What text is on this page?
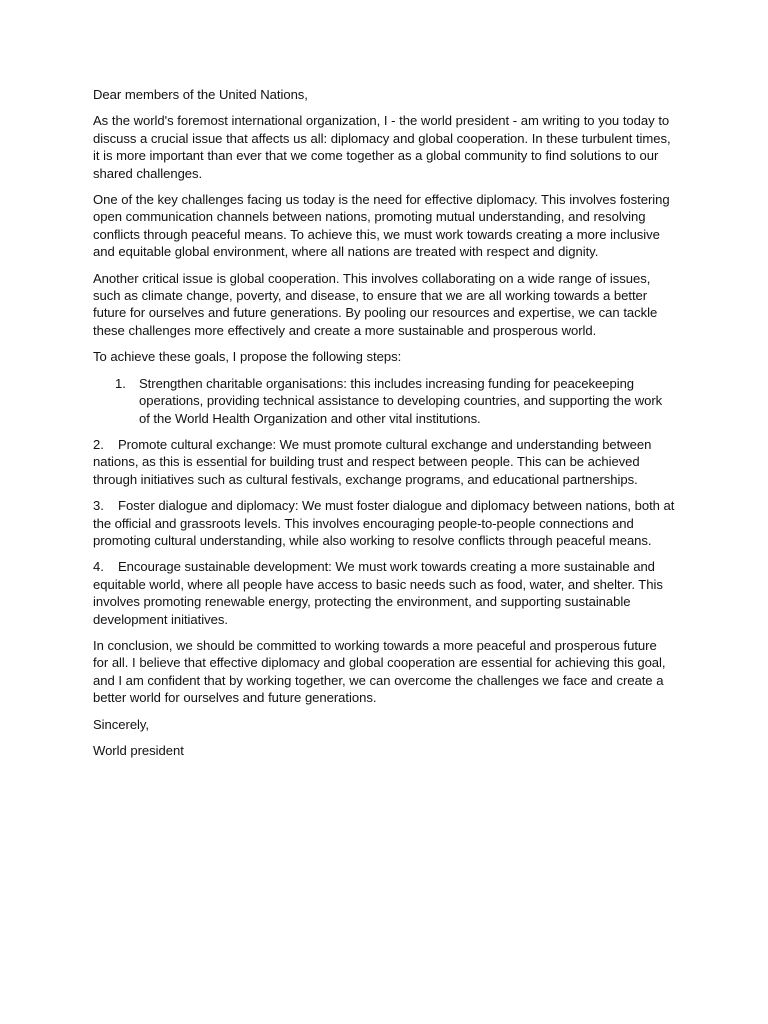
Dear members of the United Nations,

As the world's foremost international organization, I - the world president - am writing to you today to discuss a crucial issue that affects us all: diplomacy and global cooperation. In these turbulent times, it is more important than ever that we come together as a global community to find solutions to our shared challenges.

One of the key challenges facing us today is the need for effective diplomacy. This involves fostering open communication channels between nations, promoting mutual understanding, and resolving conflicts through peaceful means. To achieve this, we must work towards creating a more inclusive and equitable global environment, where all nations are treated with respect and dignity.

Another critical issue is global cooperation. This involves collaborating on a wide range of issues, such as climate change, poverty, and disease, to ensure that we are all working towards a better future for ourselves and future generations. By pooling our resources and expertise, we can tackle these challenges more effectively and create a more sustainable and prosperous world.

To achieve these goals, I propose the following steps:

1. Strengthen charitable organisations: this includes increasing funding for peacekeeping operations, providing technical assistance to developing countries, and supporting the work of the World Health Organization and other vital institutions.

2. Promote cultural exchange: We must promote cultural exchange and understanding between nations, as this is essential for building trust and respect between people. This can be achieved through initiatives such as cultural festivals, exchange programs, and educational partnerships.

3. Foster dialogue and diplomacy: We must foster dialogue and diplomacy between nations, both at the official and grassroots levels. This involves encouraging people-to-people connections and promoting cultural understanding, while also working to resolve conflicts through peaceful means.

4. Encourage sustainable development: We must work towards creating a more sustainable and equitable world, where all people have access to basic needs such as food, water, and shelter. This involves promoting renewable energy, protecting the environment, and supporting sustainable development initiatives.

In conclusion, we should be committed to working towards a more peaceful and prosperous future for all. I believe that effective diplomacy and global cooperation are essential for achieving this goal, and I am confident that by working together, we can overcome the challenges we face and create a better world for ourselves and future generations.

Sincerely,

World president
